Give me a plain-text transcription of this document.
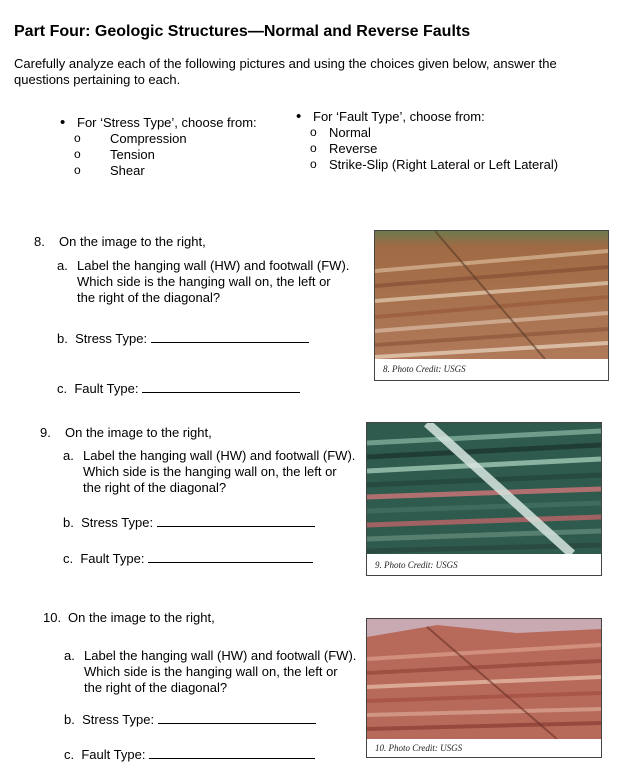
Part Four: Geologic Structures—Normal and Reverse Faults
Carefully analyze each of the following pictures and using the choices given below, answer the questions pertaining to each.
• For ‘Stress Type’, choose from:
o Compression
o Tension
o Shear
• For ‘Fault Type’, choose from:
o Normal
o Reverse
o Strike-Slip (Right Lateral or Left Lateral)
8. On the image to the right,
a. Label the hanging wall (HW) and footwall (FW). Which side is the hanging wall on, the left or the right of the diagonal?
b. Stress Type:
c. Fault Type:
8. Photo Credit: USGS
9. On the image to the right,
a. Label the hanging wall (HW) and footwall (FW). Which side is the hanging wall on, the left or the right of the diagonal?
b. Stress Type:
c. Fault Type:	9. Photo Credit: USGS
10. On the image to the right,
a. Label the hanging wall (HW) and footwall (FW). Which side is the hanging wall on, the left or the right of the diagonal?
b. Stress Type:
c. Fault Type:	10. Photo Credit: USGS
